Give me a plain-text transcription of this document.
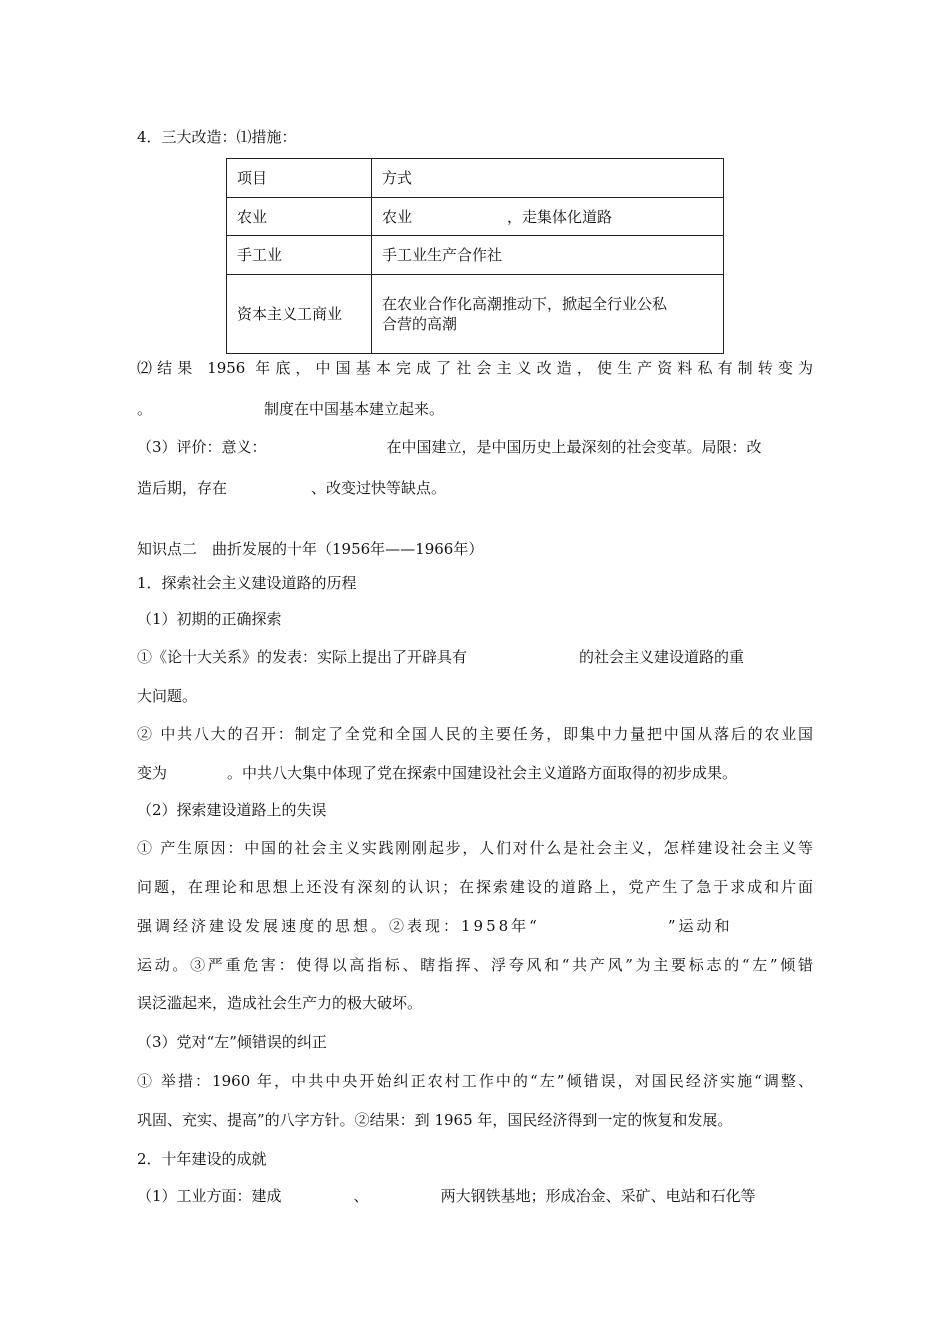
4．三大改造：⑴措施：
项目	方式
农业	农业 ，走集体化道路
手工业	手工业生产合作社
资本主义工商业	在农业合作化高潮推动下，掀起全行业公私
合营的高潮
⑵结果 1956 年底，中国基本完成了社会主义改造，使生产资料私有制转变为
。	制度在中国基本建立起来。
（3）评价：意义：	在中国建立，是中国历史上最深刻的社会变革。局限：改
造后期，存在	、改变过快等缺点。
知识点二　曲折发展的十年（1956年——1966年）
1．探索社会主义建设道路的历程
（1）初期的正确探索
①《论十大关系》的发表：实际上提出了开辟具有	的社会主义建设道路的重
大问题。
② 中共八大的召开：制定了全党和全国人民的主要任务，即集中力量把中国从落后的农业国
变为	。中共八大集中体现了党在探索中国建设社会主义道路方面取得的初步成果。
（2）探索建设道路上的失误
① 产生原因：中国的社会主义实践刚刚起步，人们对什么是社会主义，怎样建设社会主义等
问题，在理论和思想上还没有深刻的认识；在探索建设的道路上，党产生了急于求成和片面
强调经济建设发展速度的思想。②表现：1958年“	”运动和
运动。③严重危害：使得以高指标、瞎指挥、浮夸风和“共产风”为主要标志的“左”倾错
误泛滥起来，造成社会生产力的极大破坏。
（3）党对“左”倾错误的纠正
① 举措：1960 年，中共中央开始纠正农村工作中的“左”倾错误，对国民经济实施“调整、
巩固、充实、提高”的八字方针。②结果：到 1965 年，国民经济得到一定的恢复和发展。
2．十年建设的成就
（1）工业方面：建成	、	两大钢铁基地；形成冶金、采矿、电站和石化等
